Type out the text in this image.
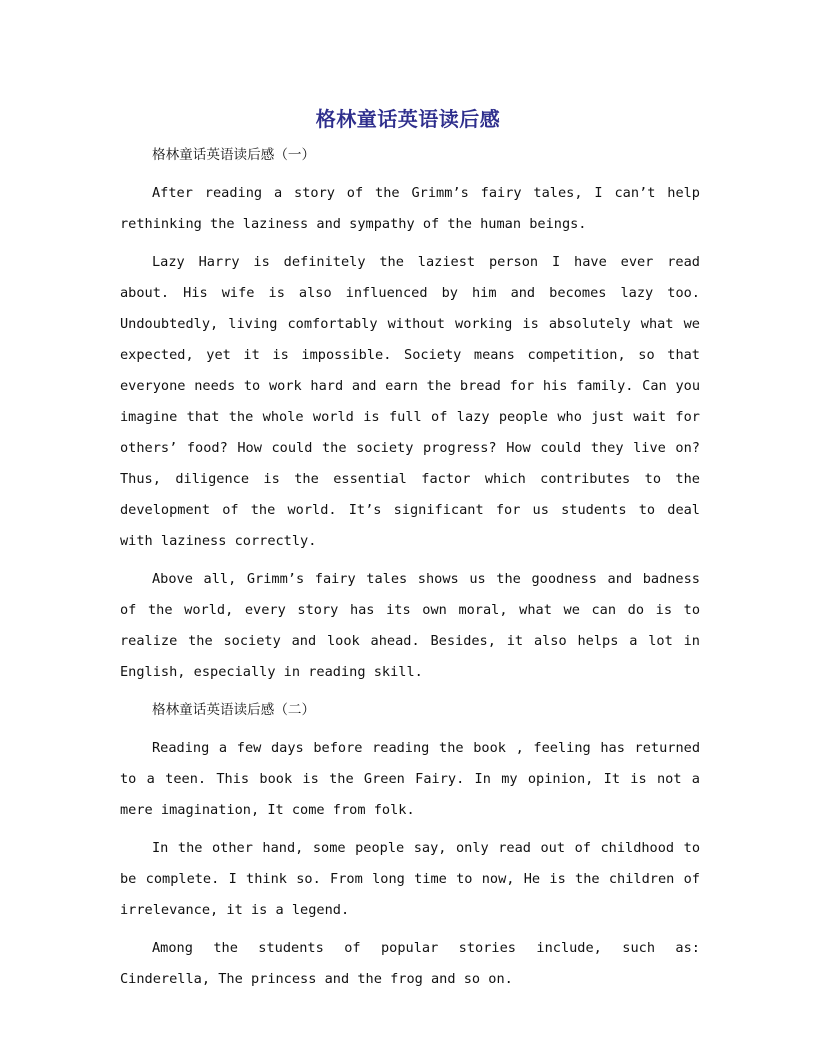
格林童话英语读后感
格林童话英语读后感（一）

After reading a story of the Grimm’s fairy tales, I can’t help rethinking the laziness and sympathy of the human beings.

Lazy Harry is definitely the laziest person I have ever read about. His wife is also influenced by him and becomes lazy too. Undoubtedly, living comfortably without working is absolutely what we expected, yet it is impossible. Society means competition, so that everyone needs to work hard and earn the bread for his family. Can you imagine that the whole world is full of lazy people who just wait for others’ food? How could the society progress? How could they live on? Thus, diligence is the essential factor which contributes to the development of the world. It’s significant for us students to deal with laziness correctly.

Above all, Grimm’s fairy tales shows us the goodness and badness of the world, every story has its own moral, what we can do is to realize the society and look ahead. Besides, it also helps a lot in English, especially in reading skill.

格林童话英语读后感（二）

Reading a few days before reading the book , feeling has returned to a teen. This book is the Green Fairy. In my opinion, It is not a mere imagination, It come from folk.

In the other hand, some people say, only read out of childhood to be complete. I think so. From long time to now, He is the children of irrelevance, it is a legend.

Among the students of popular stories include, such as: Cinderella, The princess and the frog and so on.
